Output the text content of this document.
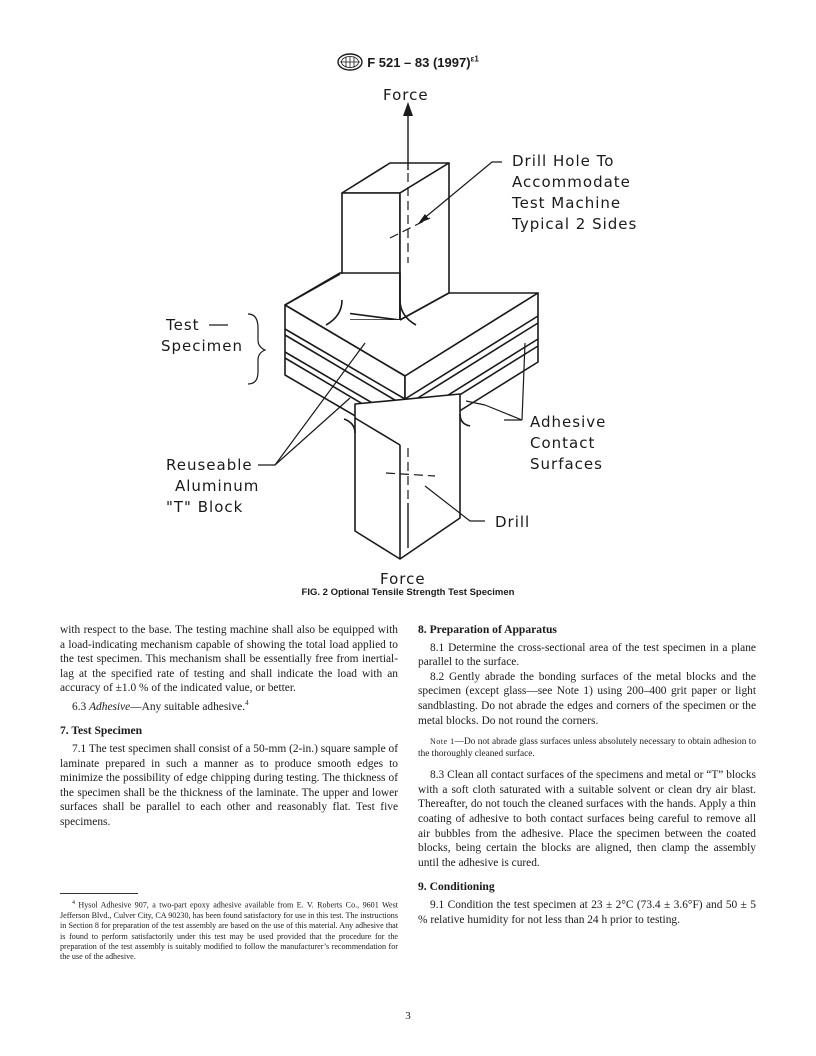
F 521 – 83 $(1997)^{\varepsilon 1}$
Force
Drill Hole To
Accommodate
Test Machine
Typical 2 Sides
Test
Specimen
Adhesive
Contact
Surfaces
Reuseable
Aluminum
"T" Block
Drill
Force
FIG. 2 Optional Tensile Strength Test Specimen

with respect to the base. The testing machine shall also be equipped with a load-indicating mechanism capable of showing the total load applied to the test specimen. This mechanism shall be essentially free from inertial-lag at the specified rate of testing and shall indicate the load with an accuracy of ±1.0 % of the indicated value, or better.

6.3 Adhesive—Any suitable adhesive.$^4$

7. Test Specimen

7.1 The test specimen shall consist of a 50-mm (2-in.) square sample of laminate prepared in such a manner as to produce smooth edges to minimize the possibility of edge chipping during testing. The thickness of the specimen shall be the thickness of the laminate. The upper and lower surfaces shall be parallel to each other and reasonably flat. Test five specimens.

$^4$ Hysol Adhesive 907, a two-part epoxy adhesive available from E. V. Roberts Co., 9601 West Jefferson Blvd., Culver City, CA 90230, has been found satisfactory for use in this test. The instructions in Section 8 for preparation of the test assembly are based on the use of this material. Any adhesive that is found to perform satisfactorily under this test may be used provided that the procedure for the preparation of the test assembly is suitably modified to follow the manufacturer’s recommendation for the use of the adhesive.

8. Preparation of Apparatus

8.1 Determine the cross-sectional area of the test specimen in a plane parallel to the surface.

8.2 Gently abrade the bonding surfaces of the metal blocks and the specimen (except glass—see Note 1) using 200–400 grit paper or light sandblasting. Do not abrade the edges and corners of the specimen or the metal blocks. Do not round the corners.

Note 1—Do not abrade glass surfaces unless absolutely necessary to obtain adhesion to the thoroughly cleaned surface.

8.3 Clean all contact surfaces of the specimens and metal or “T” blocks with a soft cloth saturated with a suitable solvent or clean dry air blast. Thereafter, do not touch the cleaned surfaces with the hands. Apply a thin coating of adhesive to both contact surfaces being careful to remove all air bubbles from the adhesive. Place the specimen between the coated blocks, being certain the blocks are aligned, then clamp the assembly until the adhesive is cured.

9. Conditioning

9.1 Condition the test specimen at 23 ± 2°C (73.4 ± 3.6°F) and 50 ± 5 % relative humidity for not less than 24 h prior to testing.

3
